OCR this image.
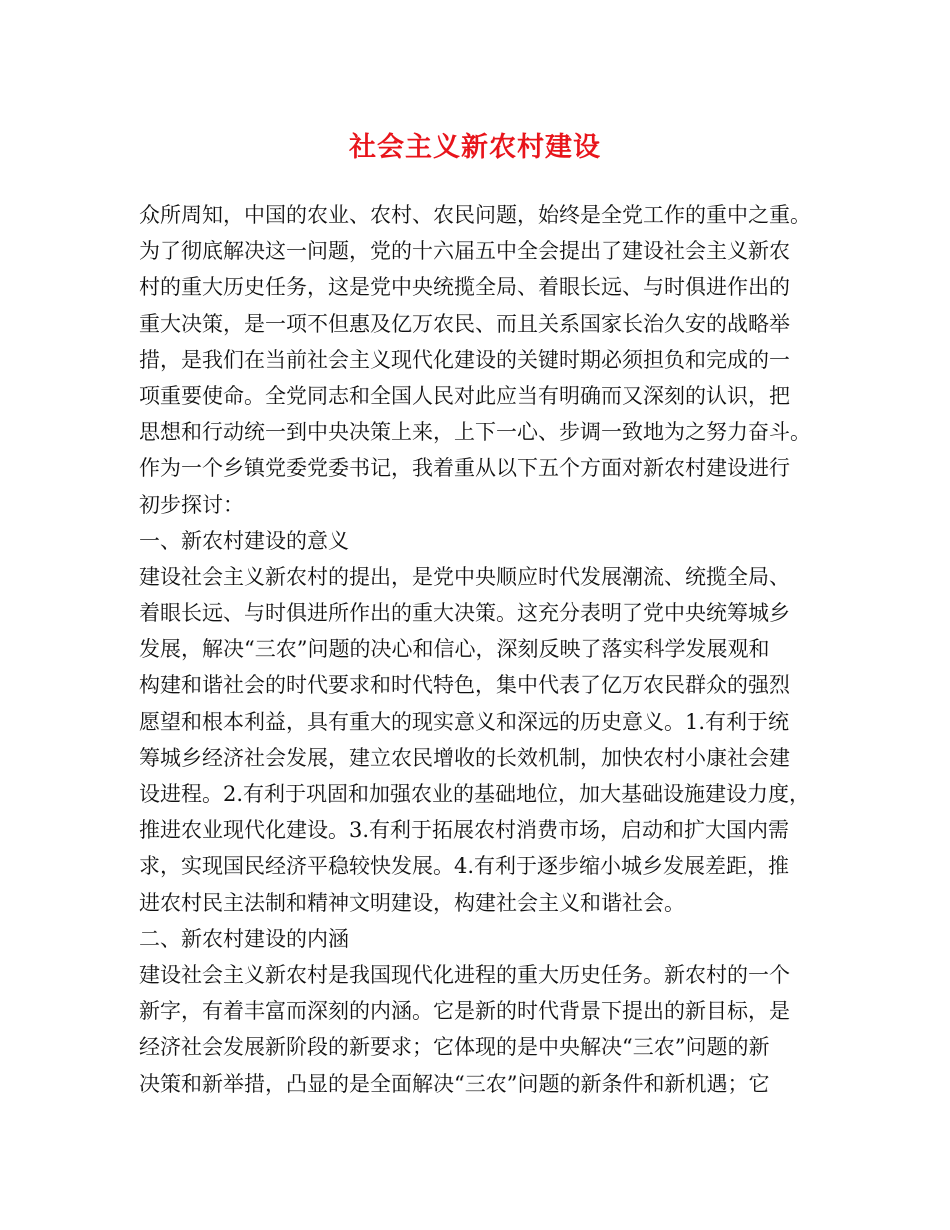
社会主义新农村建设
众所周知，中国的农业、农村、农民问题，始终是全党工作的重中之重。
为了彻底解决这一问题，党的十六届五中全会提出了建设社会主义新农
村的重大历史任务，这是党中央统揽全局、着眼长远、与时俱进作出的
重大决策，是一项不但惠及亿万农民、而且关系国家长治久安的战略举
措，是我们在当前社会主义现代化建设的关键时期必须担负和完成的一
项重要使命。全党同志和全国人民对此应当有明确而又深刻的认识，把
思想和行动统一到中央决策上来，上下一心、步调一致地为之努力奋斗。
作为一个乡镇党委党委书记，我着重从以下五个方面对新农村建设进行
初步探讨：
一、新农村建设的意义
建设社会主义新农村的提出，是党中央顺应时代发展潮流、统揽全局、
着眼长远、与时俱进所作出的重大决策。这充分表明了党中央统筹城乡
发展，解决“三农”问题的决心和信心，深刻反映了落实科学发展观和
构建和谐社会的时代要求和时代特色，集中代表了亿万农民群众的强烈
愿望和根本利益，具有重大的现实意义和深远的历史意义。1.有利于统
筹城乡经济社会发展，建立农民增收的长效机制，加快农村小康社会建
设进程。2.有利于巩固和加强农业的基础地位，加大基础设施建设力度，
推进农业现代化建设。3.有利于拓展农村消费市场，启动和扩大国内需
求，实现国民经济平稳较快发展。4.有利于逐步缩小城乡发展差距，推
进农村民主法制和精神文明建设，构建社会主义和谐社会。
二、新农村建设的内涵
建设社会主义新农村是我国现代化进程的重大历史任务。新农村的一个
新字，有着丰富而深刻的内涵。它是新的时代背景下提出的新目标，是
经济社会发展新阶段的新要求；它体现的是中央解决“三农”问题的新
决策和新举措，凸显的是全面解决“三农”问题的新条件和新机遇；它
